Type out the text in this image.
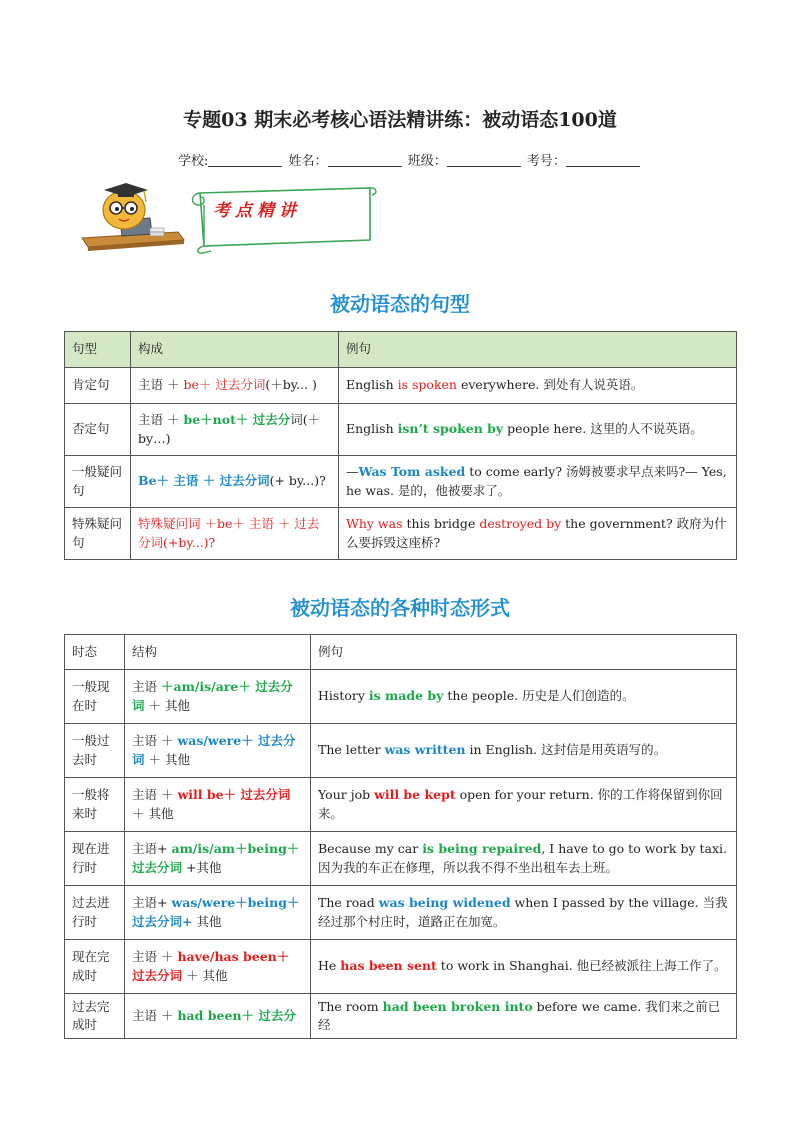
专题03 期末必考核心语法精讲练：被动语态100道
学校:	姓名：	班级：	考号：
考点精讲
被动语态的句型
句型	构成	例句
肯定句	主语 ＋ be＋ 过去分词(＋by... )	English is spoken everywhere. 到处有人说英语。
否定句	主语 ＋ be＋not＋ 过去分词(＋by…)	English isn’t spoken by people here. 这里的人不说英语。
一般疑问句	Be＋ 主语 ＋ 过去分词(+ by...)?	—Was Tom asked to come early? 汤姆被要求早点来吗?— Yes, he was. 是的，他被要求了。
特殊疑问句	特殊疑问词 ＋be＋ 主语 ＋ 过去分词(+by...)?	Why was this bridge destroyed by the government? 政府为什么要拆毁这座桥?
被动语态的各种时态形式
时态	结构	例句
一般现在时	主语 ＋am/is/are＋ 过去分词 ＋ 其他	History is made by the people. 历史是人们创造的。
一般过去时	主语 ＋ was/were＋ 过去分词 ＋ 其他	The letter was written in English. 这封信是用英语写的。
一般将来时	主语 ＋ will be＋ 过去分词 ＋ 其他	Your job will be kept open for your return. 你的工作将保留到你回来。
现在进行时	主语+ am/is/am＋being＋ 过去分词 +其他	Because my car is being repaired, I have to go to work by taxi. 因为我的车正在修理，所以我不得不坐出租车去上班。
过去进行时	主语+ was/were＋being＋ 过去分词+ 其他	The road was being widened when I passed by the village. 当我经过那个村庄时，道路正在加宽。
现在完成时	主语 ＋ have/has been＋ 过去分词 ＋ 其他	He has been sent to work in Shanghai. 他已经被派往上海工作了。
过去完成时	主语 ＋ had been＋ 过去分	The room had been broken into before we came. 我们来之前已经
